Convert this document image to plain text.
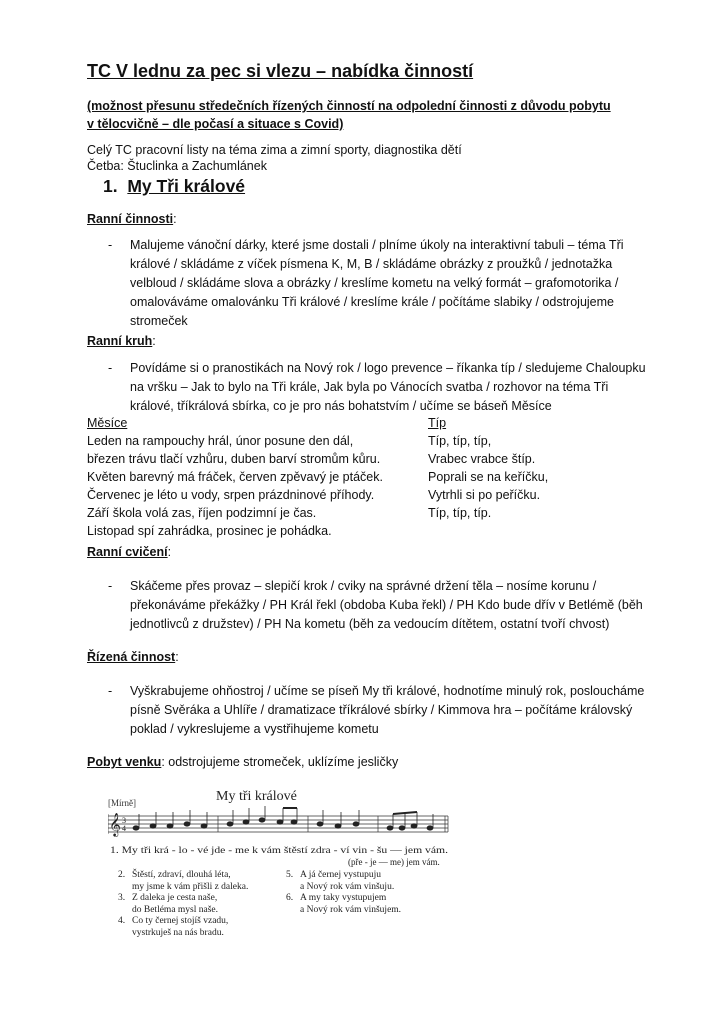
TC V lednu za pec si vlezu – nabídka činností
(možnost přesunu středečních řízených činností na odpolední činnosti z důvodu pobytu
v tělocvičně – dle počasí a situace s Covid)
Celý TC pracovní listy na téma zima a zimní sporty, diagnostika dětí
Četba: Štuclinka a Zachumlánek
1. My Tři králové
Ranní činnosti:
- Malujeme vánoční dárky, které jsme dostali / plníme úkoly na interaktivní tabuli – téma Tři králové / skládáme z víček písmena K, M, B / skládáme obrázky z proužků / jednotažka velbloud / skládáme slova a obrázky / kreslíme kometu na velký formát – grafomotorika / omalováváme omalovánku Tři králové / kreslíme krále / počítáme slabiky / odstrojujeme stromeček
Ranní kruh:
- Povídáme si o pranostikách na Nový rok / logo prevence – říkanka típ / sledujeme Chaloupku na vršku – Jak to bylo na Tři krále, Jak byla po Vánocích svatba / rozhovor na téma Tři králové, tříkrálová sbírka, co je pro nás bohatstvím / učíme se báseň Měsíce
Měsíce
Leden na rampouchy hrál, únor posune den dál,
březen trávu tlačí vzhůru, duben barví stromům kůru.
Květen barevný má fráček, červen zpěvavý je ptáček.
Červenec je léto u vody, srpen prázdninové příhody.
Září škola volá zas, říjen podzimní je čas.
Listopad spí zahrádka, prosinec je pohádka.
Típ
Típ, típ, típ,
Vrabec vrabce štíp.
Poprali se na keříčku,
Vytrhli si po peříčku.
Típ, típ, típ.
Ranní cvičení:
- Skáčeme přes provaz – slepičí krok / cviky na správné držení těla – nosíme korunu / překonáváme překážky / PH Král řekl (obdoba Kuba řekl) / PH Kdo bude dřív v Betlémě (běh jednotlivců z družstev) / PH Na kometu (běh za vedoucím dítětem, ostatní tvoří chvost)
Řízená činnost:
- Vyškrabujeme ohňostroj / učíme se píseň My tři králové, hodnotíme minulý rok, posloucháme písně Svěráka a Uhlíře / dramatizace tříkrálové sbírky / Kimmova hra – počítáme královský poklad / vykreslujeme a vystřihujeme kometu
Pobyt venku: odstrojujeme stromeček, uklízíme jesličky
My tři králové
[Mírně]
𝄞 3
4
1. My tři krá - lo - vé jde - me k vám štěstí zdra - ví vin - šu — jem vám.
(pře - je — me) jem vám.
2. Štěstí, zdraví, dlouhá léta,
my jsme k vám přišli z daleka.
3. Z daleka je cesta naše,
do Betléma mysl naše.
4. Co ty černej stojíš vzadu,
vystrkuješ na nás bradu.
5. A já černej vystupuju
a Nový rok vám vinšuju.
6. A my taky vystupujem
a Nový rok vám vinšujem.
